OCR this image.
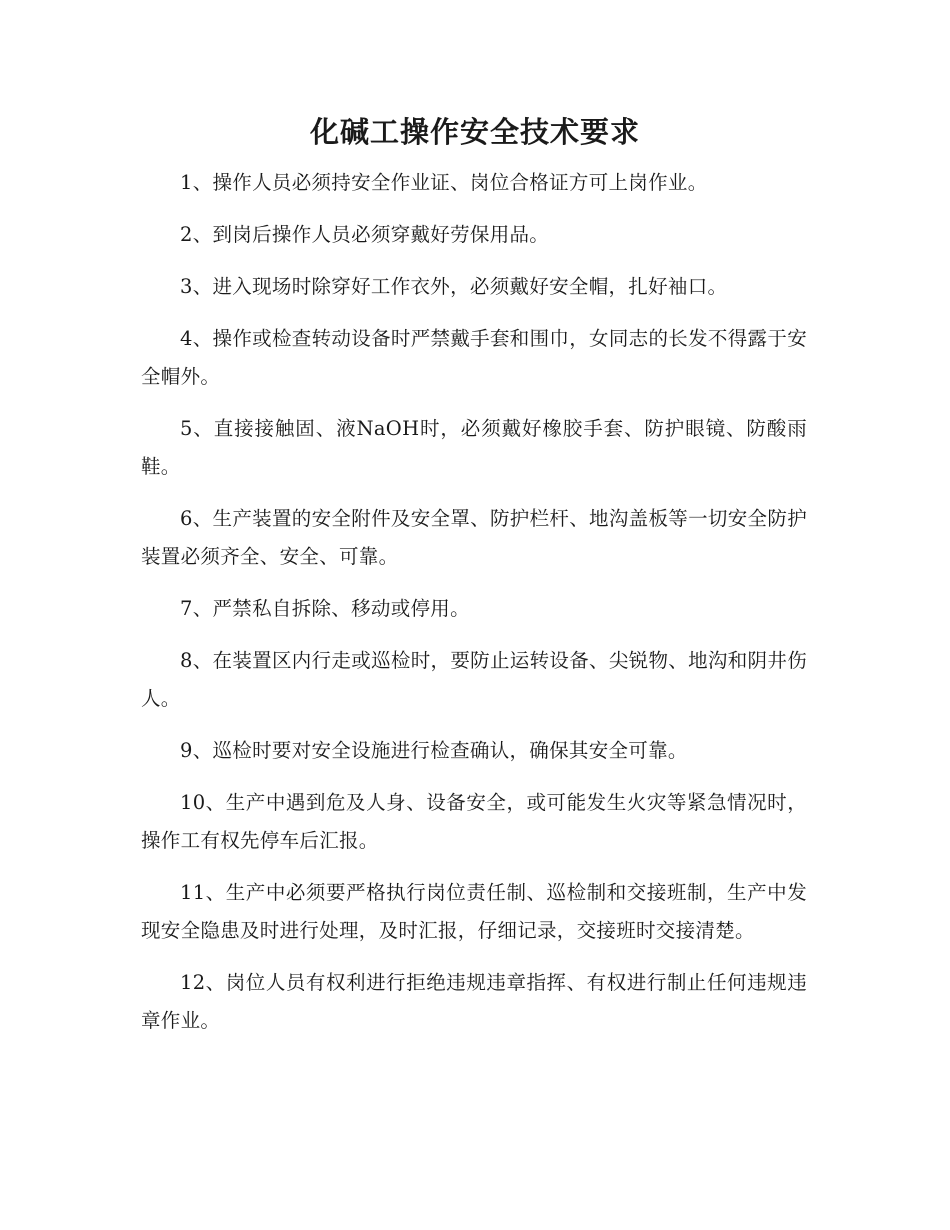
化碱工操作安全技术要求

1、操作人员必须持安全作业证、岗位合格证方可上岗作业。

2、到岗后操作人员必须穿戴好劳保用品。

3、进入现场时除穿好工作衣外，必须戴好安全帽，扎好袖口。

4、操作或检查转动设备时严禁戴手套和围巾，女同志的长发不得露于安全帽外。

5、直接接触固、液NaOH时，必须戴好橡胶手套、防护眼镜、防酸雨鞋。

6、生产装置的安全附件及安全罩、防护栏杆、地沟盖板等一切安全防护装置必须齐全、安全、可靠。

7、严禁私自拆除、移动或停用。

8、在装置区内行走或巡检时，要防止运转设备、尖锐物、地沟和阴井伤人。

9、巡检时要对安全设施进行检查确认，确保其安全可靠。

10、生产中遇到危及人身、设备安全，或可能发生火灾等紧急情况时，操作工有权先停车后汇报。

11、生产中必须要严格执行岗位责任制、巡检制和交接班制，生产中发现安全隐患及时进行处理，及时汇报，仔细记录，交接班时交接清楚。

12、岗位人员有权利进行拒绝违规违章指挥、有权进行制止任何违规违章作业。
